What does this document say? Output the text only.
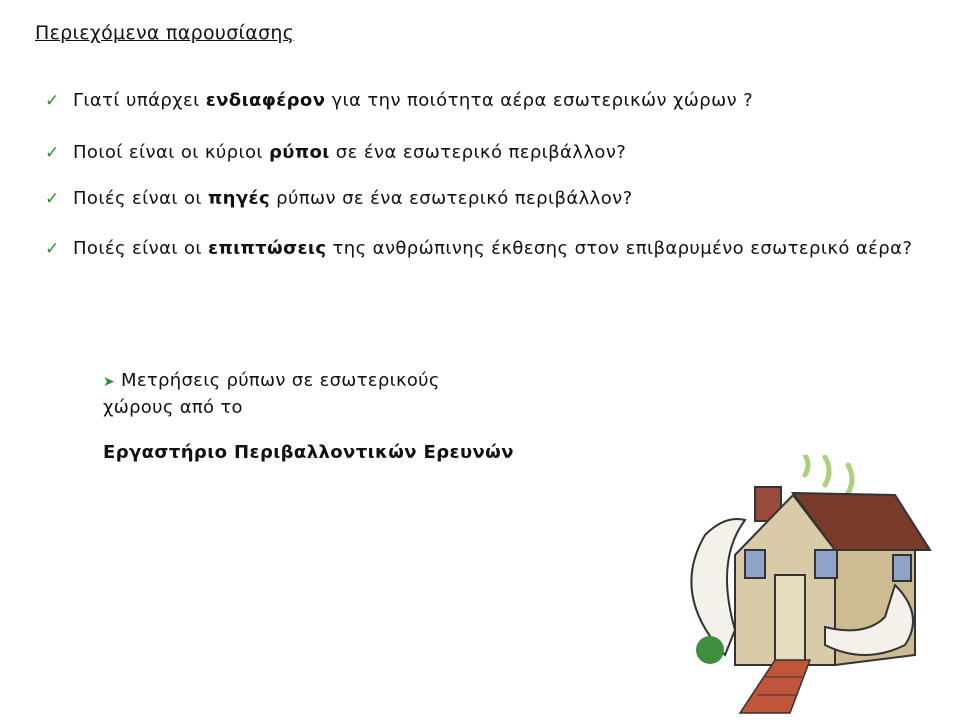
Περιεχόμενα παρουσίασης
✓ Γιατί υπάρχει ενδιαφέρον για την ποιότητα αέρα εσωτερικών χώρων ?
✓ Ποιοί είναι οι κύριοι ρύποι σε ένα εσωτερικό περιβάλλον?
✓ Ποιές είναι οι πηγές ρύπων σε ένα εσωτερικό περιβάλλον?
✓ Ποιές είναι οι επιπτώσεις της ανθρώπινης έκθεσης στον επιβαρυμένο εσωτερικό αέρα?
➤ Μετρήσεις ρύπων σε εσωτερικούς
χώρους από το
Εργαστήριο Περιβαλλοντικών Ερευνών
